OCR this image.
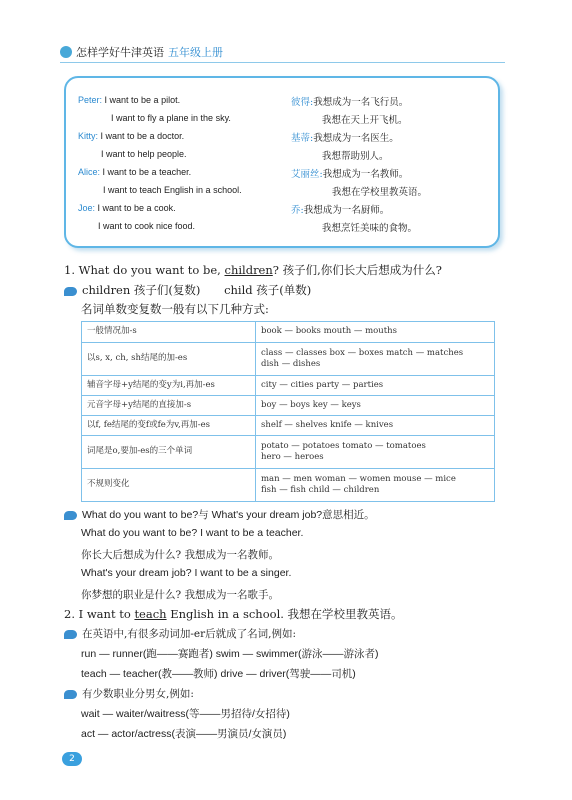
怎样学好牛津英语 五年级上册
Peter: I want to be a pilot.
I want to fly a plane in the sky.
Kitty: I want to be a doctor.
I want to help people.
Alice: I want to be a teacher.
I want to teach English in a school.
Joe: I want to be a cook.
I want to cook nice food.
彼得:我想成为一名飞行员。
我想在天上开飞机。
基蒂:我想成为一名医生。
我想帮助别人。
艾丽丝:我想成为一名教师。
我想在学校里教英语。
乔:我想成为一名厨师。
我想烹饪美味的食物。
1. What do you want to be, children? 孩子们,你们长大后想成为什么?
children 孩子们(复数) child 孩子(单数)
名词单数变复数一般有以下几种方式:
一般情况加-s	book — books mouth — mouths

以s, x, ch, sh结尾的加-es	class — classes box — boxes match — matches
dish — dishes

辅音字母+y结尾的变y为i,再加-es	city — cities party — parties

元音字母+y结尾的直接加-s	boy — boys key — keys

以f, fe结尾的变f或fe为v,再加-es	shelf — shelves knife — knives

词尾是o,要加-es的三个单词	potato — potatoes tomato — tomatoes
hero — heroes

不规则变化	man — men woman — women mouse — mice
fish — fish child — children
What do you want to be?与 What's your dream job?意思相近。
What do you want to be? I want to be a teacher.
你长大后想成为什么? 我想成为一名教师。
What's your dream job? I want to be a singer.
你梦想的职业是什么? 我想成为一名歌手。
2. I want to teach English in a school. 我想在学校里教英语。
在英语中,有很多动词加-er后就成了名词,例如:
run — runner(跑——赛跑者) swim — swimmer(游泳——游泳者)
teach — teacher(教——教师) drive — driver(驾驶——司机)
有少数职业分男女,例如:
wait — waiter/waitress(等——男招待/女招待)
act — actor/actress(表演——男演员/女演员)
2
